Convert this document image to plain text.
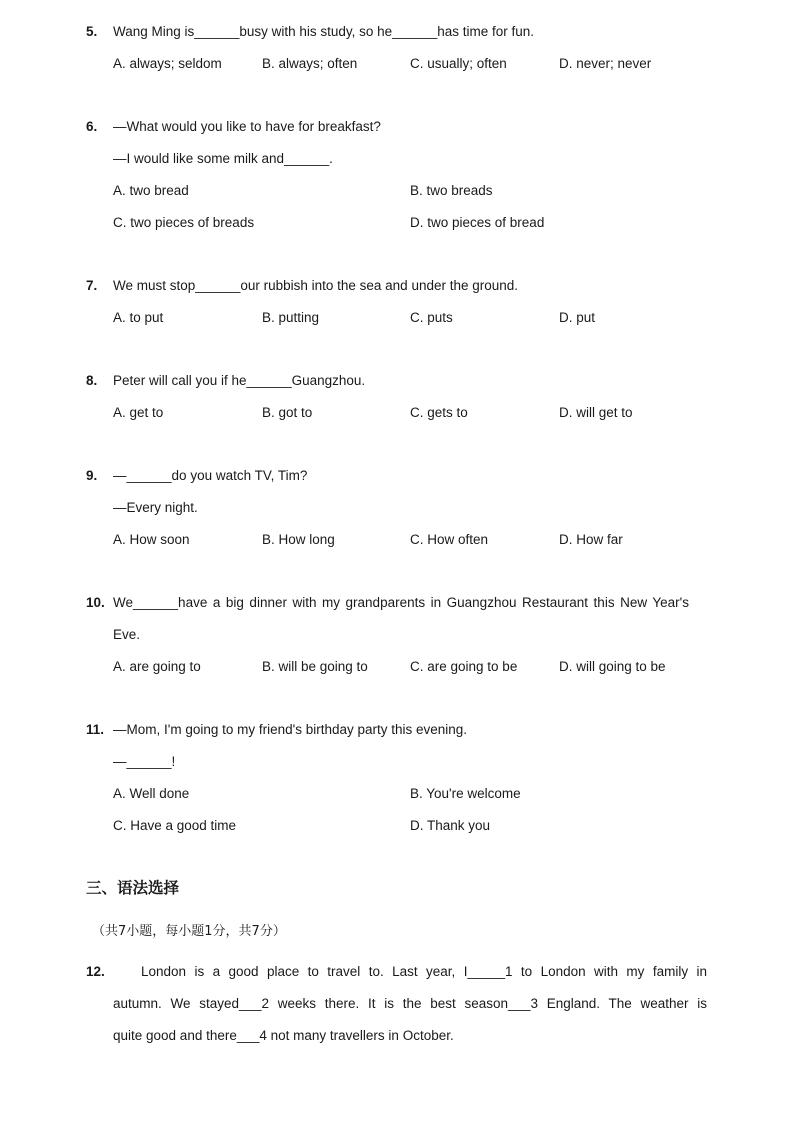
5. Wang Ming is______busy with his study, so he______has time for fun.
A. always; seldom	B. always; often	C. usually; often	D. never; never
6. —What would you like to have for breakfast?
—I would like some milk and______.
A. two bread	B. two breads
C. two pieces of breads	D. two pieces of bread
7. We must stop______our rubbish into the sea and under the ground.
A. to put	B. putting	C. puts	D. put
8. Peter will call you if he______Guangzhou.
A. get to	B. got to	C. gets to	D. will get to
9. —______do you watch TV, Tim?
—Every night.
A. How soon	B. How long	C. How often	D. How far
10. We______have a big dinner with my grandparents in Guangzhou Restaurant this New Year's
Eve.
A. are going to	B. will be going to	C. are going to be	D. will going to be
11. —Mom, I'm going to my friend's birthday party this evening.
—______!
A. Well done	B. You're welcome
C. Have a good time	D. Thank you
三、语法选择
（共7小题，每小题1分，共7分）
12.	London is a good place to travel to. Last year, I_____1 to London with my family in
autumn. We stayed___2 weeks there. It is the best season___3 England. The weather is
quite good and there___4 not many travellers in October.
